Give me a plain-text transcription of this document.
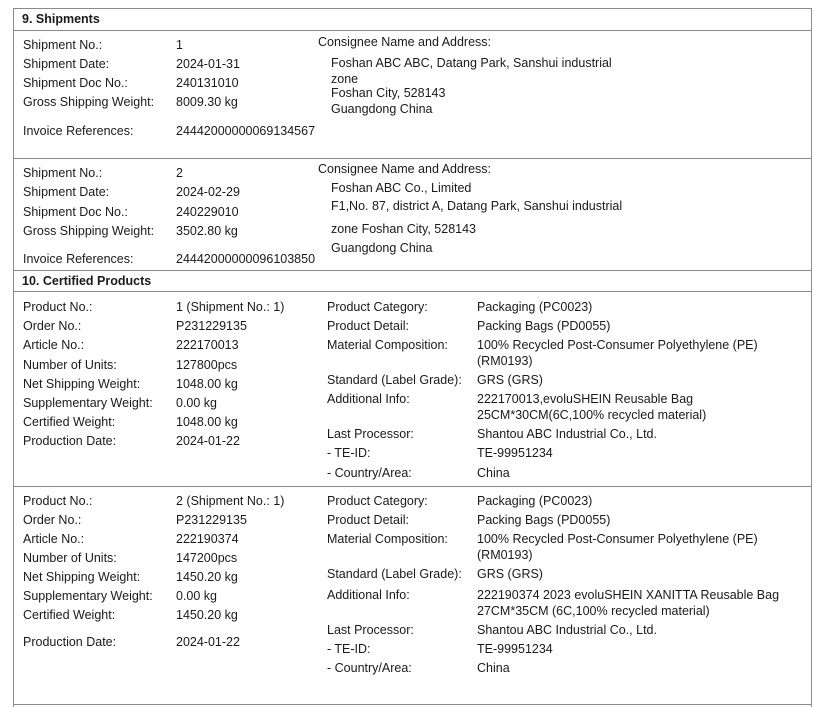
9. Shipments
Shipment No.:	1
Shipment Date:	2024-01-31
Shipment Doc No.:	240131010
Gross Shipping Weight: 8009.30 kg
Invoice References:	24442000000069134567
Consignee Name and Address:
Foshan ABC ABC, Datang Park, Sanshui industrial
zone
Foshan City, 528143
Guangdong China
Shipment No.:	2
Shipment Date:	2024-02-29
Shipment Doc No.:	240229010
Gross Shipping Weight: 3502.80 kg
Invoice References:	24442000000096103850
Consignee Name and Address:
Foshan ABC Co., Limited
F1,No. 87, district A, Datang Park, Sanshui industrial
zone Foshan City, 528143
Guangdong China
10. Certified Products
Product No.:	1 (Shipment No.: 1)
Order No.:	P231229135
Article No.:	222170013
Number of Units:	127800pcs
Net Shipping Weight:	1048.00 kg
Supplementary Weight: 0.00 kg
Certified Weight:	1048.00 kg
Production Date:	2024-01-22
Product Category:	Packaging (PC0023)
Product Detail:	Packing Bags (PD0055)
Material Composition: 100% Recycled Post-Consumer Polyethylene (PE)
(RM0193)
Standard (Label Grade): GRS (GRS)
Additional Info:	222170013,evoluSHEIN Reusable Bag
25CM*30CM(6C,100% recycled material)
Last Processor:	Shantou ABC Industrial Co., Ltd.
- TE-ID:	TE-99951234
- Country/Area:	China
Product No.:	2 (Shipment No.: 1)
Order No.:	P231229135
Article No.:	222190374
Number of Units:	147200pcs
Net Shipping Weight:	1450.20 kg
Supplementary Weight: 0.00 kg
Certified Weight:	1450.20 kg
Production Date:	2024-01-22
Product Category:	Packaging (PC0023)
Product Detail:	Packing Bags (PD0055)
Material Composition: 100% Recycled Post-Consumer Polyethylene (PE)
(RM0193)
Standard (Label Grade): GRS (GRS)
Additional Info:	222190374 2023 evoluSHEIN XANITTA Reusable Bag
27CM*35CM (6C,100% recycled material)
Last Processor:	Shantou ABC Industrial Co., Ltd.
- TE-ID:	TE-99951234
- Country/Area:	China
